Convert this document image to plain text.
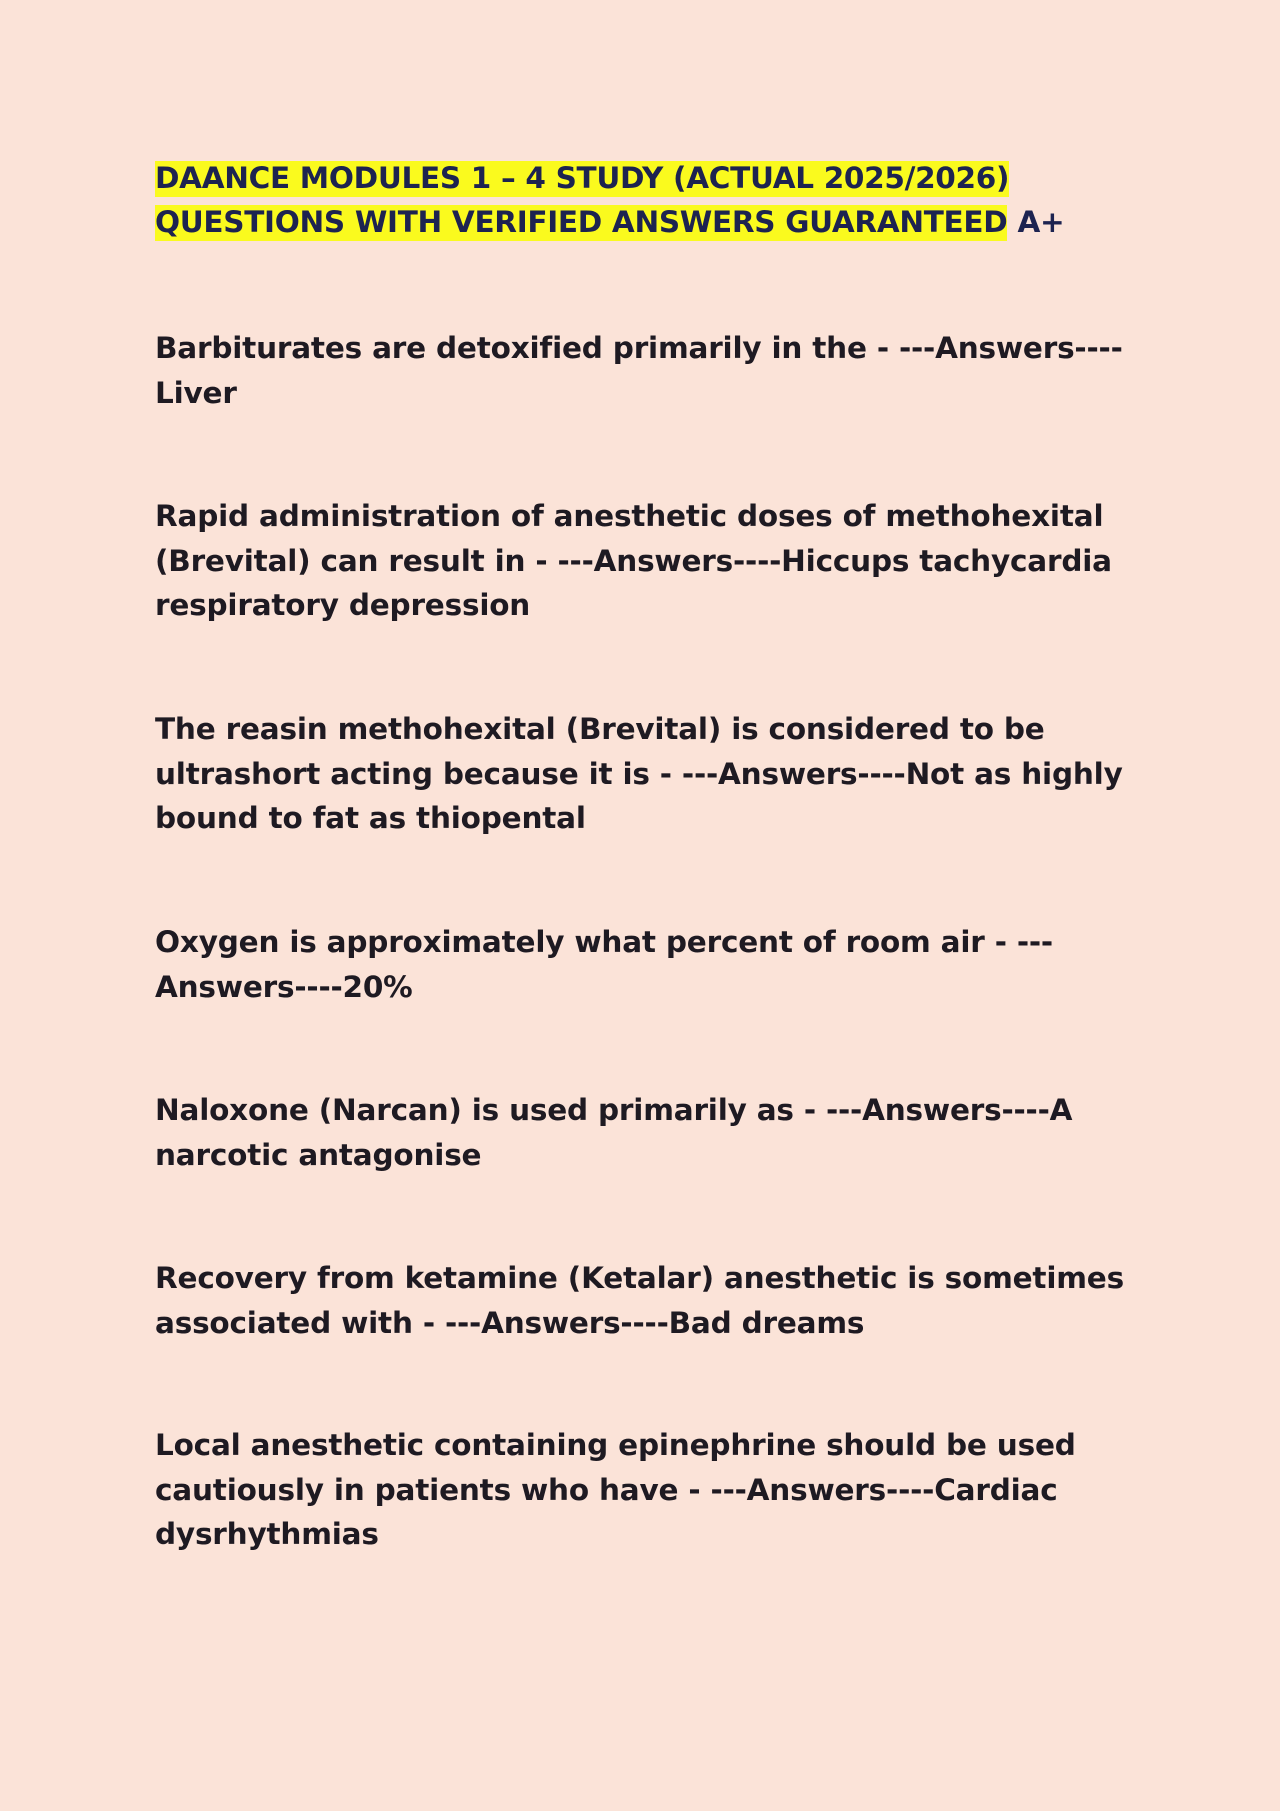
DAANCE MODULES 1 – 4 STUDY (ACTUAL 2025/2026)
QUESTIONS WITH VERIFIED ANSWERS GUARANTEED A+

Barbiturates are detoxified primarily in the - ---Answers----Liver

Rapid administration of anesthetic doses of methohexital (Brevital) can result in - ---Answers----Hiccups tachycardia respiratory depression

The reasin methohexital (Brevital) is considered to be ultrashort acting because it is - ---Answers----Not as highly bound to fat as thiopental

Oxygen is approximately what percent of room air - ---Answers----20%

Naloxone (Narcan) is used primarily as - ---Answers----A narcotic antagonise

Recovery from ketamine (Ketalar) anesthetic is sometimes associated with - ---Answers----Bad dreams

Local anesthetic containing epinephrine should be used cautiously in patients who have - ---Answers----Cardiac dysrhythmias
